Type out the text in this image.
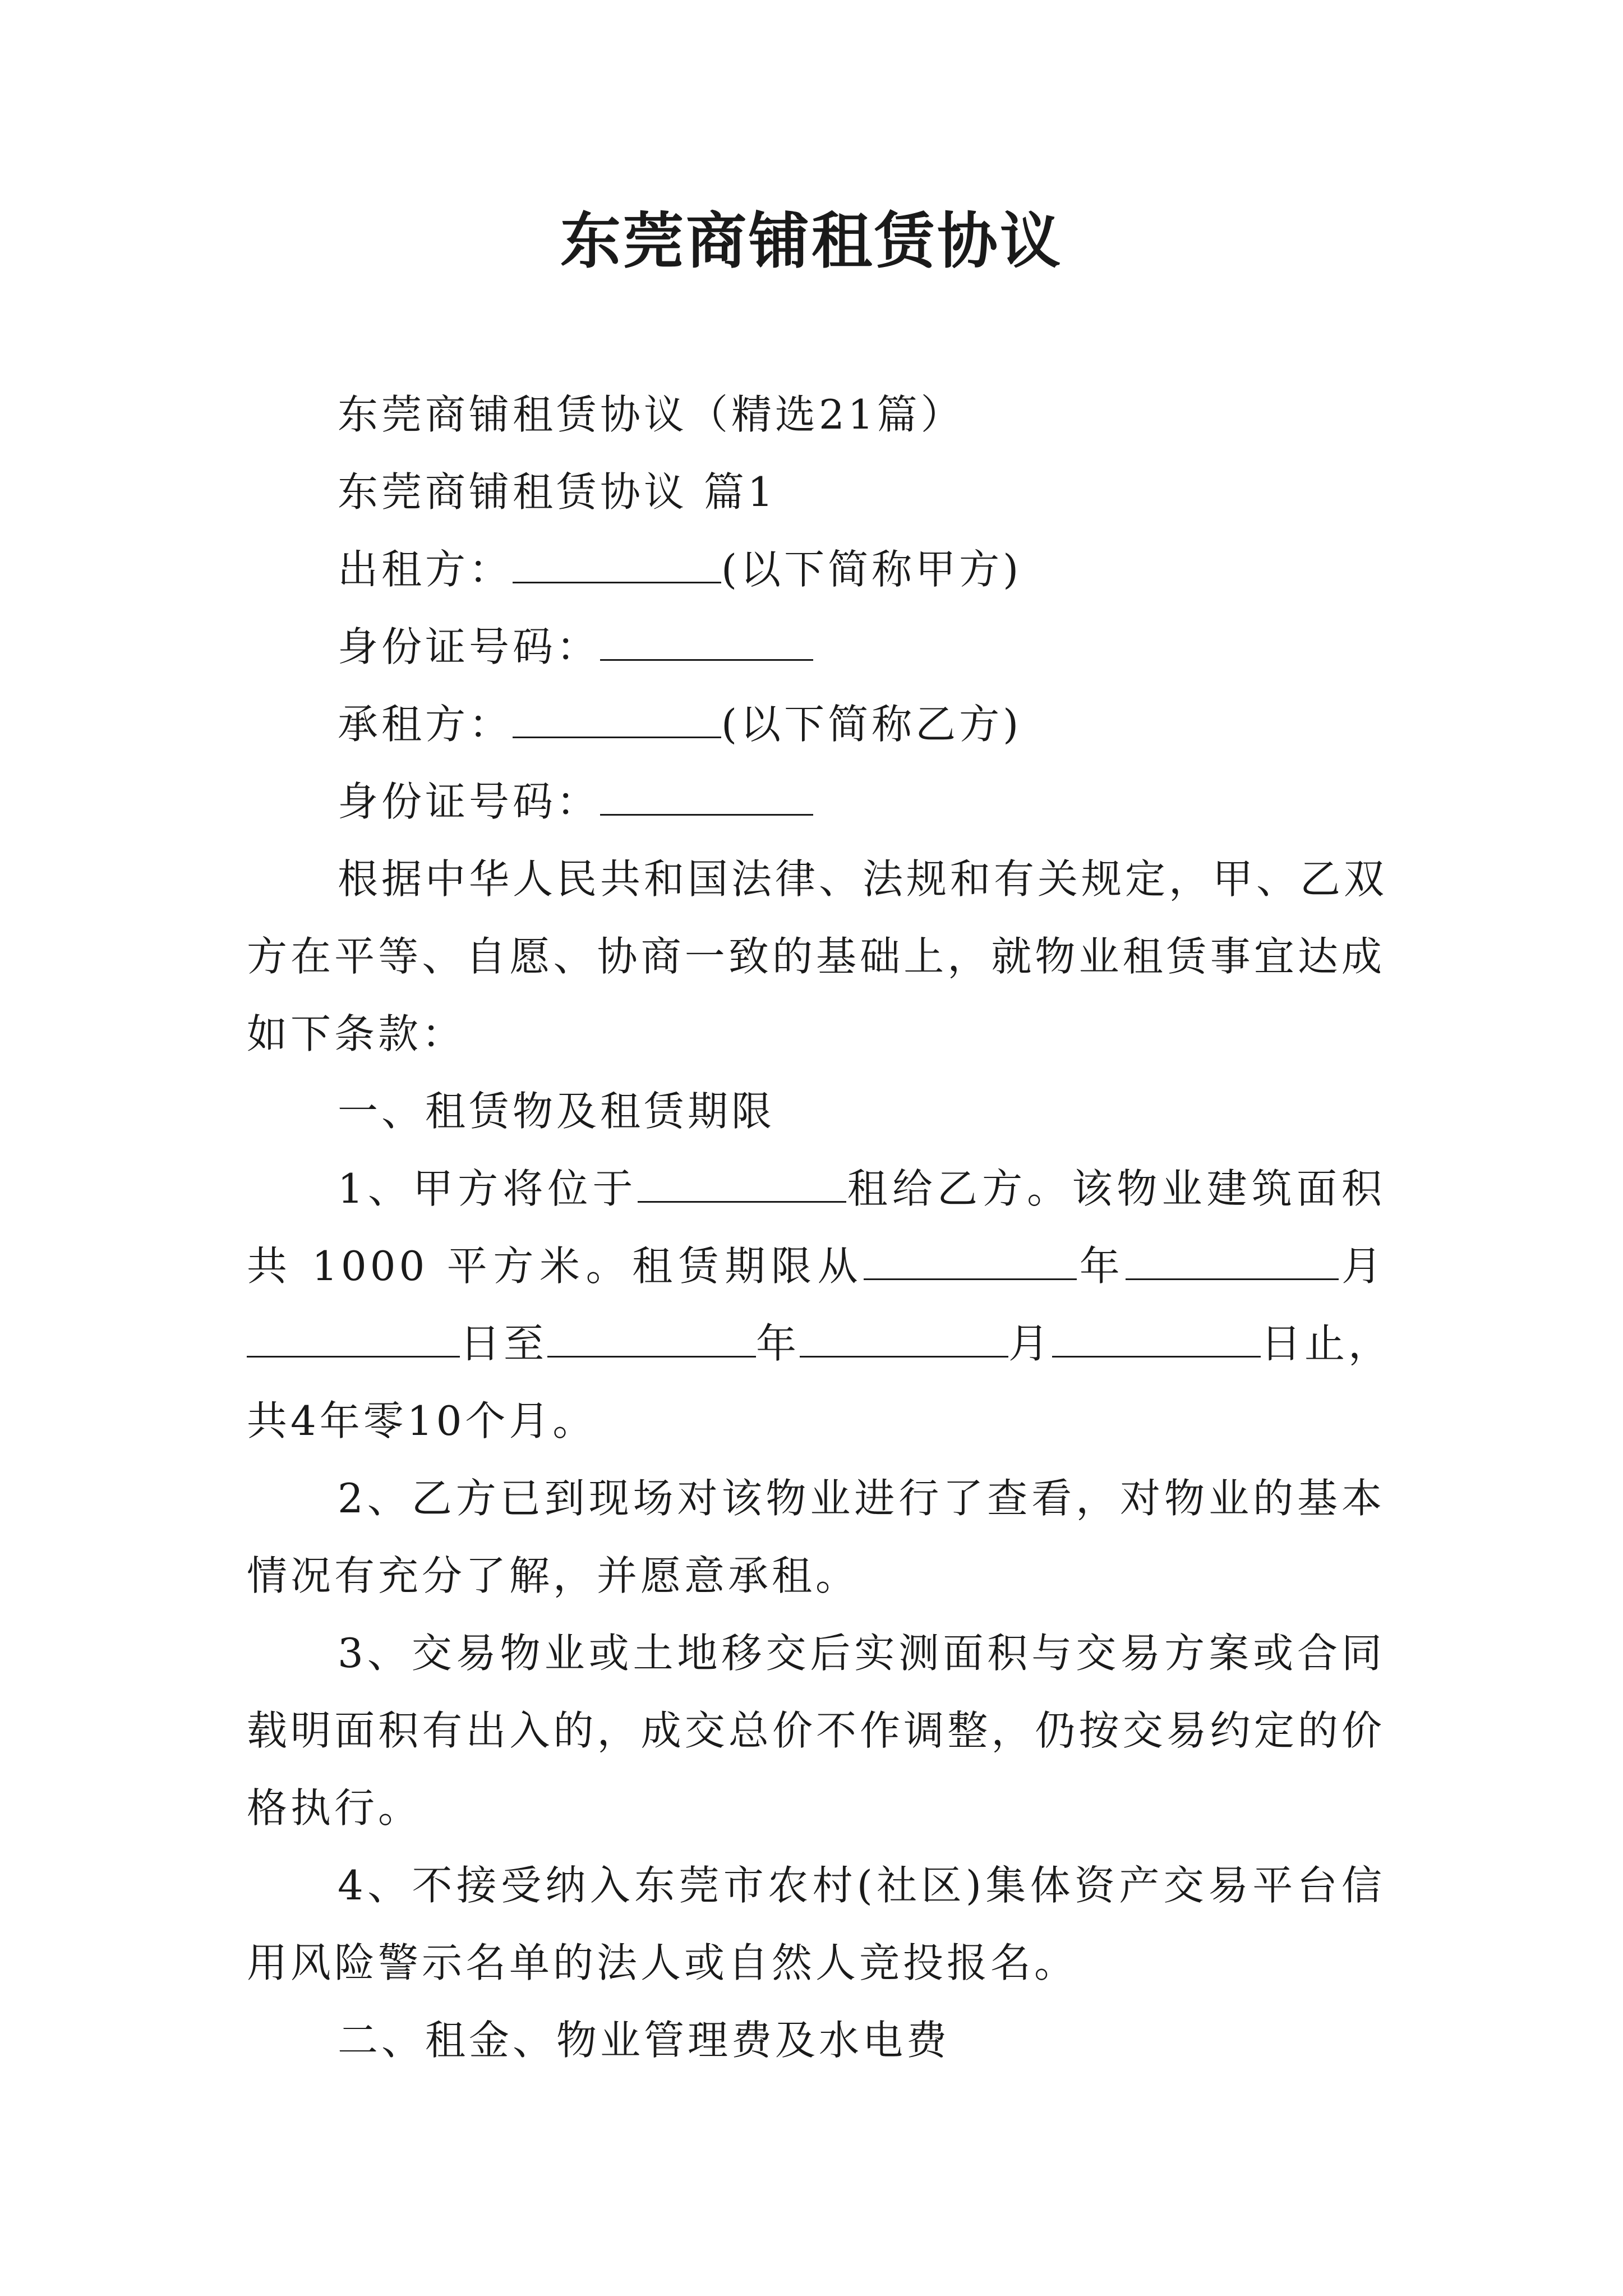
东莞商铺租赁协议
东莞商铺租赁协议（精选21篇）
东莞商铺租赁协议 篇1
出租方：	(以下简称甲方)
身份证号码：
承租方：	(以下简称乙方)
身份证号码：
根据中华人民共和国法律、法规和有关规定，甲、乙双
方在平等、自愿、协商一致的基础上，就物业租赁事宜达成
如下条款：
一、租赁物及租赁期限
1、甲方将位于	租给乙方。该物业建筑面积
共 1000 平方米。租赁期限从	年	月
日至	年	月	日止，
共4年零10个月。
2、乙方已到现场对该物业进行了查看，对物业的基本
情况有充分了解，并愿意承租。
3、交易物业或土地移交后实测面积与交易方案或合同
载明面积有出入的，成交总价不作调整，仍按交易约定的价
格执行。
4、不接受纳入东莞市农村(社区)集体资产交易平台信
用风险警示名单的法人或自然人竞投报名。
二、租金、物业管理费及水电费
